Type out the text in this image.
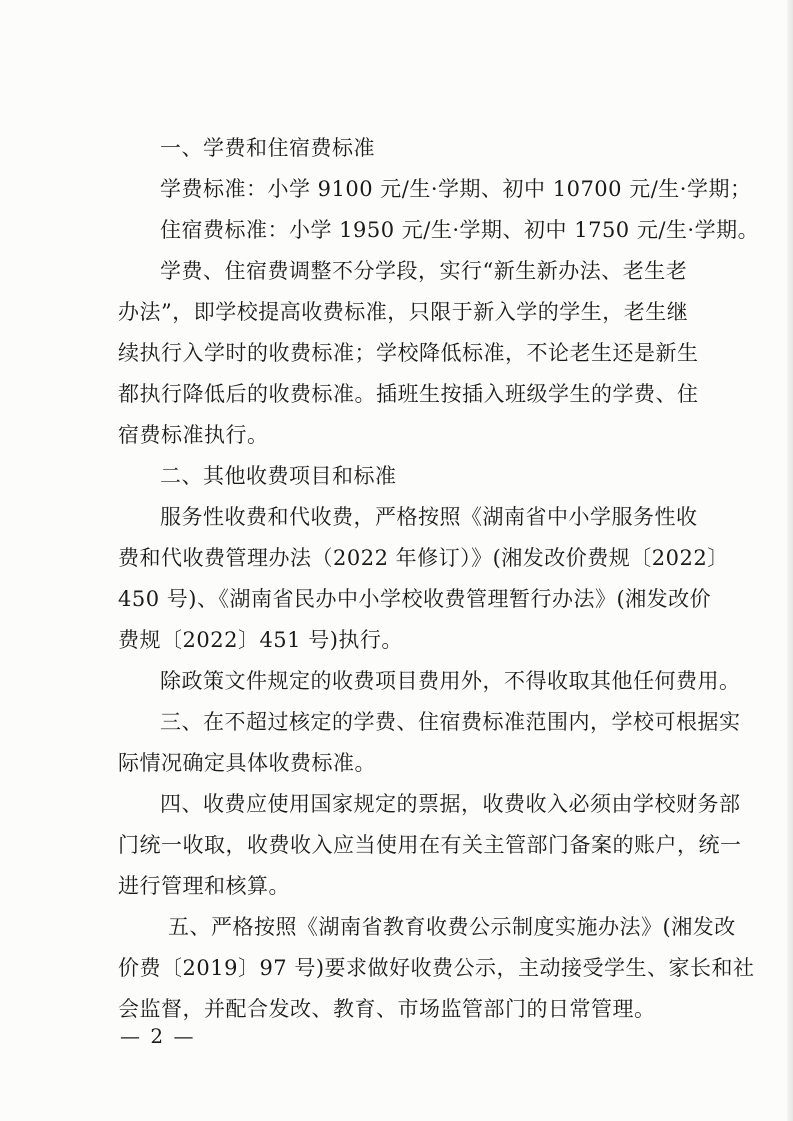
一、学费和住宿费标准
学费标准：小学 9100 元/生·学期、初中 10700 元/生·学期；
住宿费标准：小学 1950 元/生·学期、初中 1750 元/生·学期。
学费、住宿费调整不分学段，实行“新生新办法、老生老
办法”，即学校提高收费标准，只限于新入学的学生，老生继
续执行入学时的收费标准；学校降低标准，不论老生还是新生
都执行降低后的收费标准。插班生按插入班级学生的学费、住
宿费标准执行。
二、其他收费项目和标准
服务性收费和代收费，严格按照《湖南省中小学服务性收
费和代收费管理办法（2022 年修订）》(湘发改价费规〔2022〕
450 号)、《湖南省民办中小学校收费管理暂行办法》(湘发改价
费规〔2022〕451 号)执行。
除政策文件规定的收费项目费用外，不得收取其他任何费用。
三、在不超过核定的学费、住宿费标准范围内，学校可根据实
际情况确定具体收费标准。
四、收费应使用国家规定的票据，收费收入必须由学校财务部
门统一收取，收费收入应当使用在有关主管部门备案的账户，统一
进行管理和核算。
五、严格按照《湖南省教育收费公示制度实施办法》(湘发改
价费〔2019〕97 号)要求做好收费公示，主动接受学生、家长和社
会监督，并配合发改、教育、市场监管部门的日常管理。
— 2 —
